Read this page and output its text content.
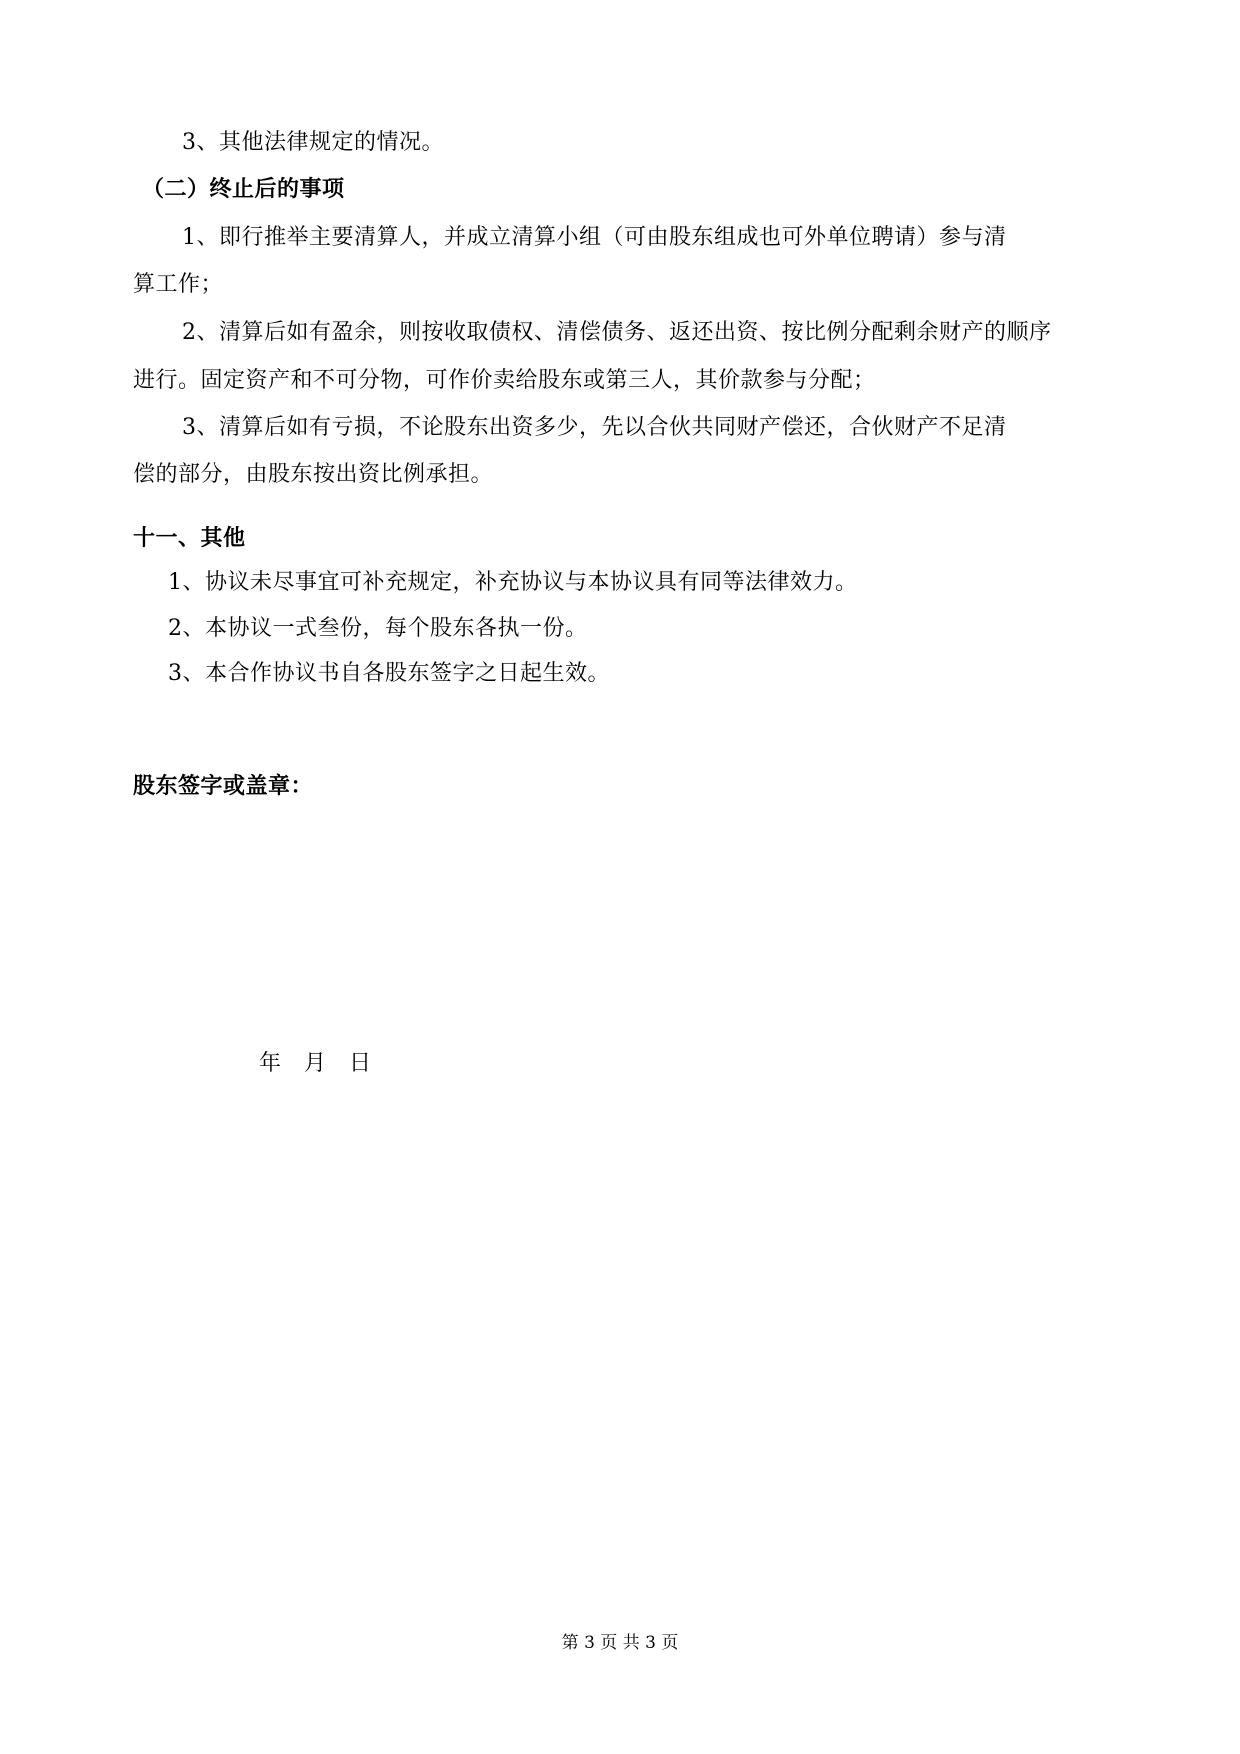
3、其他法律规定的情况。
（二）终止后的事项
1、即行推举主要清算人，并成立清算小组（可由股东组成也可外单位聘请）参与清
算工作；
2、清算后如有盈余，则按收取债权、清偿债务、返还出资、按比例分配剩余财产的顺序
进行。固定资产和不可分物，可作价卖给股东或第三人，其价款参与分配；
3、清算后如有亏损，不论股东出资多少，先以合伙共同财产偿还，合伙财产不足清
偿的部分，由股东按出资比例承担。
十一、其他
1、协议未尽事宜可补充规定，补充协议与本协议具有同等法律效力。
2、本协议一式叁份，每个股东各执一份。
3、本合作协议书自各股东签字之日起生效。
股东签字或盖章：
年　月　日
第 3 页 共 3 页
